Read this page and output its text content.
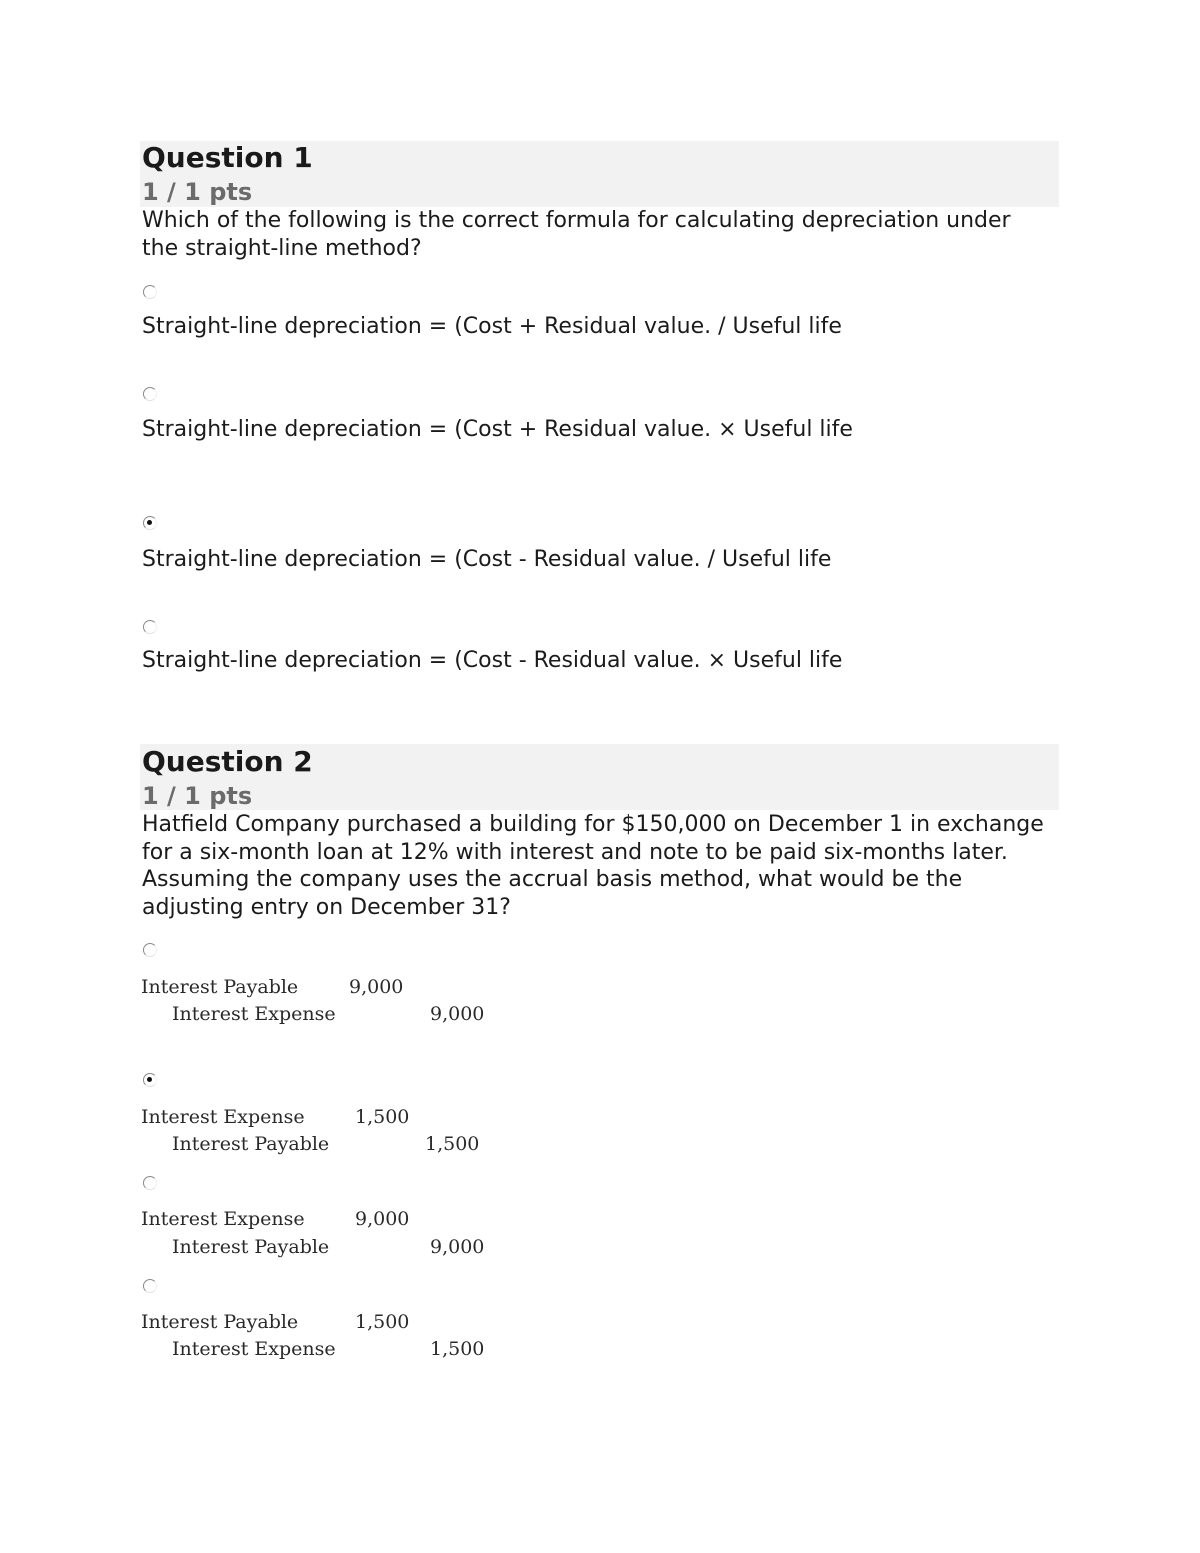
Question 1
1 / 1 pts
Which of the following is the correct formula for calculating depreciation under the straight-line method?
Straight-line depreciation = (Cost + Residual value. / Useful life
Straight-line depreciation = (Cost + Residual value. × Useful life
Straight-line depreciation = (Cost - Residual value. / Useful life
Straight-line depreciation = (Cost - Residual value. × Useful life
Question 2
1 / 1 pts
Hatfield Company purchased a building for $150,000 on December 1 in exchange for a six-month loan at 12% with interest and note to be paid six-months later. Assuming the company uses the accrual basis method, what would be the adjusting entry on December 31?
Interest Payable	9,000
Interest Expense	9,000
Interest Expense	1,500
Interest Payable	1,500
Interest Expense	9,000
Interest Payable	9,000
Interest Payable	1,500
Interest Expense	1,500
